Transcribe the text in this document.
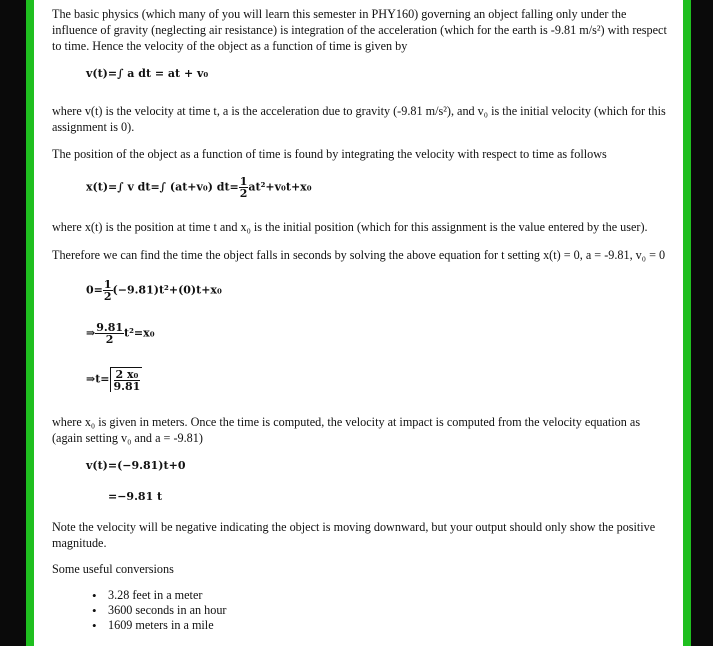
The basic physics (which many of you will learn this semester in PHY160) governing an object falling only under the influence of gravity (neglecting air resistance) is integration of the acceleration (which for the earth is -9.81 m/s²) with respect to time. Hence the velocity of the object as a function of time is given by

v(t)=∫ a dt = at + v₀

where v(t) is the velocity at time t, a is the acceleration due to gravity (-9.81 m/s²), and v₀ is the initial velocity (which for this assignment is 0).

The position of the object as a function of time is found by integrating the velocity with respect to time as follows

x(t)=∫ v dt=∫ (at+v₀) $dt= \frac{1}{2} at^2+v_0t+x_0$

where x(t) is the position at time t and x₀ is the initial position (which for this assignment is the value entered by the user).

Therefore we can find the time the object falls in seconds by solving the above equation for t setting x(t) = 0, a = -9.81, v₀ = 0

$0= \frac{1}{2} (-9.81)t^2+(0)t+x_0$
⇒ $\frac{9.81}{2} t^2=x_0$
⇒t= $\frac{\text{2 x₀}}{9.81}$

where x₀ is given in meters. Once the time is computed, the velocity at impact is computed from the velocity equation as (again setting v₀ and a = -9.81)

v(t)=(−9.81)t+0
=−9.81 t

Note the velocity will be negative indicating the object is moving downward, but your output should only show the positive magnitude.

Some useful conversions

• 3.28 feet in a meter
• 3600 seconds in an hour
• 1609 meters in a mile
